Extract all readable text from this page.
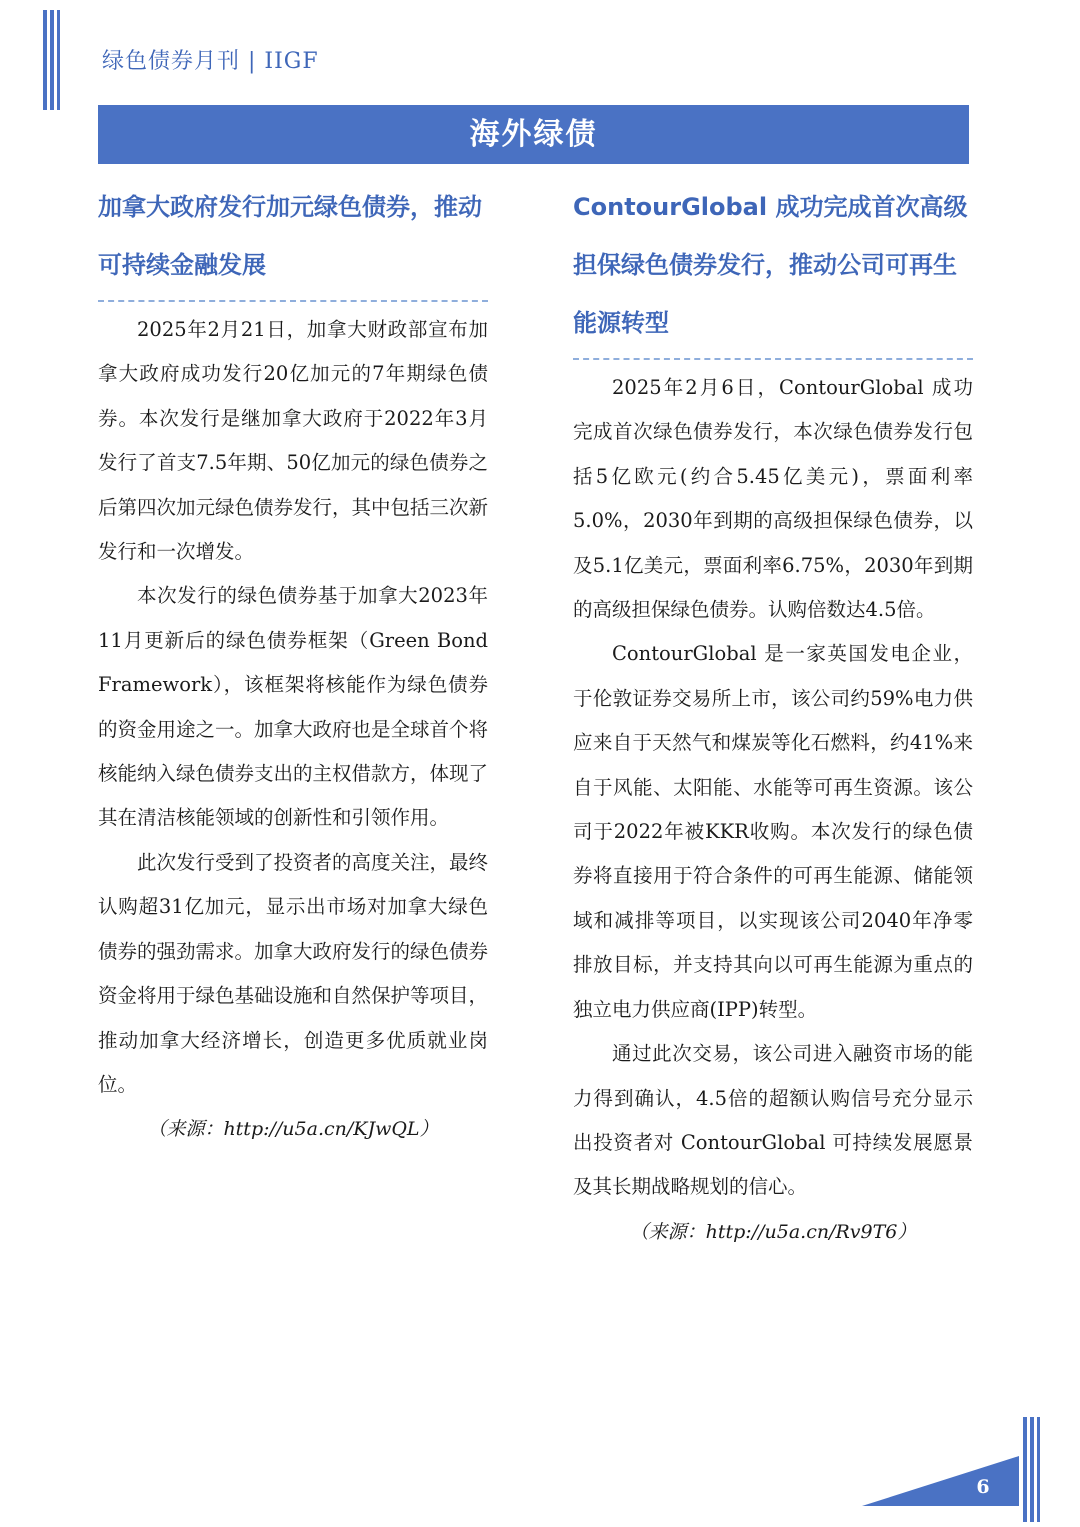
绿色债券月刊 | IIGF
海外绿债
加拿大政府发行加元绿色债券，推动可持续金融发展

2025年2月21日，加拿大财政部宣布加拿大政府成功发行20亿加元的7年期绿色债券。本次发行是继加拿大政府于2022年3月发行了首支7.5年期、50亿加元的绿色债券之后第四次加元绿色债券发行，其中包括三次新发行和一次增发。

本次发行的绿色债券基于加拿大2023年11月更新后的绿色债券框架（Green Bond Framework），该框架将核能作为绿色债券的资金用途之一。加拿大政府也是全球首个将核能纳入绿色债券支出的主权借款方，体现了其在清洁核能领域的创新性和引领作用。

此次发行受到了投资者的高度关注，最终认购超31亿加元，显示出市场对加拿大绿色债券的强劲需求。加拿大政府发行的绿色债券资金将用于绿色基础设施和自然保护等项目，推动加拿大经济增长，创造更多优质就业岗位。

（来源：http://u5a.cn/KJwQL）

ContourGlobal 成功完成首次高级担保绿色债券发行，推动公司可再生能源转型

2025年2月6日，ContourGlobal 成功完成首次绿色债券发行，本次绿色债券发行包括5亿欧元(约合5.45亿美元)，票面利率5.0%，2030年到期的高级担保绿色债券，以及5.1亿美元，票面利率6.75%，2030年到期的高级担保绿色债券。认购倍数达4.5倍。

ContourGlobal 是一家英国发电企业，于伦敦证券交易所上市，该公司约59%电力供应来自于天然气和煤炭等化石燃料，约41%来自于风能、太阳能、水能等可再生资源。该公司于2022年被KKR收购。本次发行的绿色债券将直接用于符合条件的可再生能源、储能领域和减排等项目，以实现该公司2040年净零排放目标，并支持其向以可再生能源为重点的独立电力供应商(IPP)转型。

通过此次交易，该公司进入融资市场的能力得到确认，4.5倍的超额认购信号充分显示出投资者对 ContourGlobal 可持续发展愿景及其长期战略规划的信心。

（来源：http://u5a.cn/Rv9T6）

6
